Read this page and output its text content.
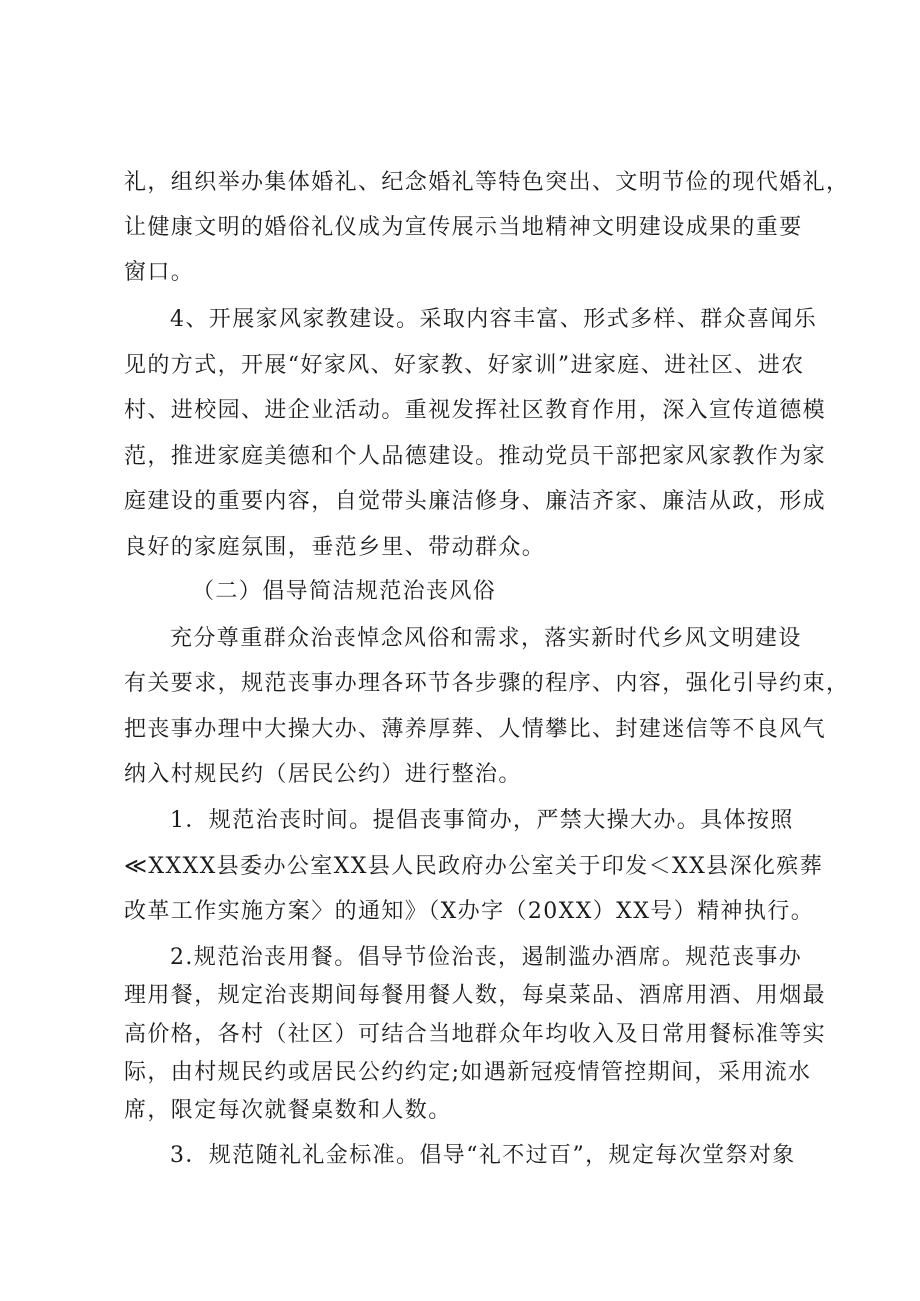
礼，组织举办集体婚礼、纪念婚礼等特色突出、文明节俭的现代婚礼，
让健康文明的婚俗礼仪成为宣传展示当地精神文明建设成果的重要
窗口。
4、开展家风家教建设。采取内容丰富、形式多样、群众喜闻乐
见的方式，开展“好家风、好家教、好家训”进家庭、进社区、进农
村、进校园、进企业活动。重视发挥社区教育作用，深入宣传道德模
范，推进家庭美德和个人品德建设。推动党员干部把家风家教作为家
庭建设的重要内容，自觉带头廉洁修身、廉洁齐家、廉洁从政，形成
良好的家庭氛围，垂范乡里、带动群众。
（二）倡导简洁规范治丧风俗
充分尊重群众治丧悼念风俗和需求，落实新时代乡风文明建设
有关要求，规范丧事办理各环节各步骤的程序、内容，强化引导约束，
把丧事办理中大操大办、薄养厚葬、人情攀比、封建迷信等不良风气
纳入村规民约（居民公约）进行整治。
1．规范治丧时间。提倡丧事简办，严禁大操大办。具体按照
≪XXXX县委办公室XX县人民政府办公室关于印发＜XX县深化殡葬
改革工作实施方案〉的通知》（X办字（20XX）XX号）精神执行。
2.规范治丧用餐。倡导节俭治丧，遏制滥办酒席。规范丧事办
理用餐，规定治丧期间每餐用餐人数，每桌菜品、酒席用酒、用烟最
高价格，各村（社区）可结合当地群众年均收入及日常用餐标准等实
际，由村规民约或居民公约约定;如遇新冠疫情管控期间，采用流水
席，限定每次就餐桌数和人数。
3．规范随礼礼金标准。倡导“礼不过百”，规定每次堂祭对象
